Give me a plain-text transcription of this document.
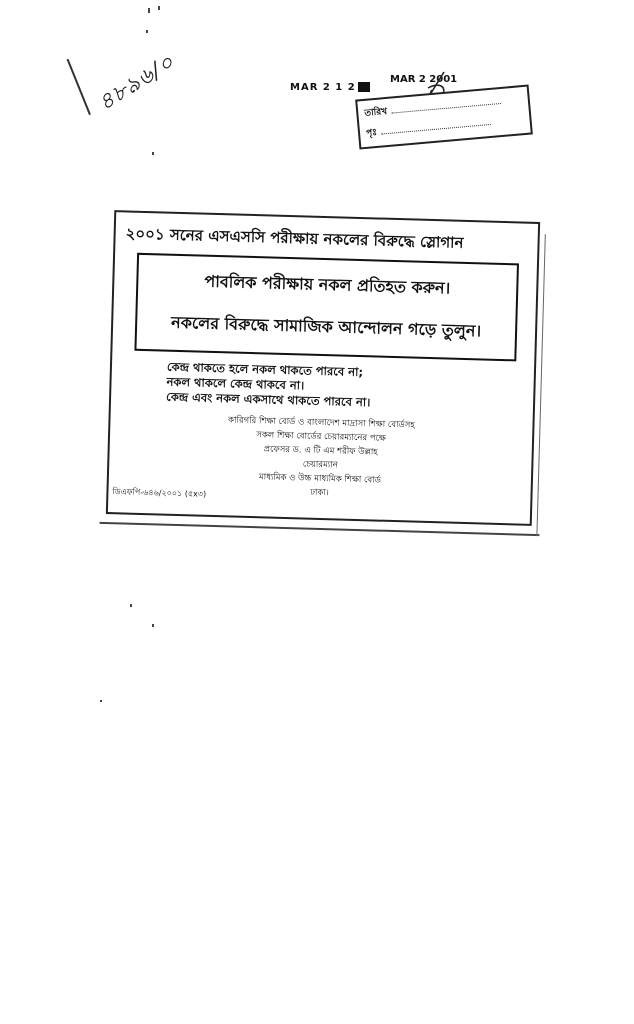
৪৮৯৬/০	MAR 2 1 2
MAR 2 2001
তারিখ
পৃঃ
২০০১ সনের এসএসসি পরীক্ষায় নকলের বিরুদ্ধে স্লোগান
পাবলিক পরীক্ষায় নকল প্রতিহত করুন।
নকলের বিরুদ্ধে সামাজিক আন্দোলন গড়ে তুলুন।
কেন্দ্র থাকতে হলে নকল থাকতে পারবে না;
নকল থাকলে কেন্দ্র থাকবে না।
কেন্দ্র এবং নকল একসাথে থাকতে পারবে না।
কারিগরি শিক্ষা বোর্ড ও বাংলাদেশ মাদ্রাসা শিক্ষা বোর্ডসহ
সকল শিক্ষা বোর্ডের চেয়ারম্যানের পক্ষে
প্রফেসর ড. এ টি এম শরীফ উল্লাহ
চেয়ারম্যান
মাধ্যমিক ও উচ্চ মাধ্যমিক শিক্ষা বোর্ড
ঢাকা।
ডিএফপি-৬৪৬/২০০১ (৫x৩)
